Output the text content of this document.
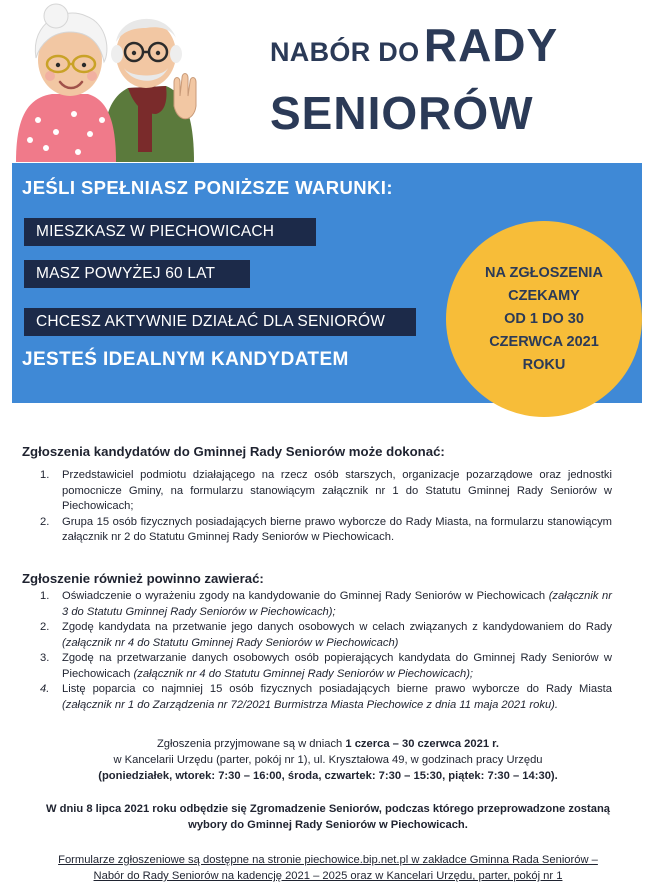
NABÓR DO RADY
SENIORÓW
JEŚLI SPEŁNIASZ PONIŻSZE WARUNKI:
MIESZKASZ W PIECHOWICACH
MASZ POWYŻEJ 60 LAT
CHCESZ AKTYWNIE DZIAŁAĆ DLA SENIORÓW
JESTEŚ IDEALNYM KANDYDATEM
NA ZGŁOSZENIA
CZEKAMY
OD 1 DO 30
CZERWCA 2021
ROKU
Zgłoszenia kandydatów do Gminnej Rady Seniorów może dokonać:
1. Przedstawiciel podmiotu działającego na rzecz osób starszych, organizacje pozarządowe oraz jednostki pomocnicze Gminy, na formularzu stanowiącym załącznik nr 1 do Statutu Gminnej Rady Seniorów w Piechowicach;
2. Grupa 15 osób fizycznych posiadających bierne prawo wyborcze do Rady Miasta, na formularzu stanowiącym załącznik nr 2 do Statutu Gminnej Rady Seniorów w Piechowicach.
Zgłoszenie również powinno zawierać:
1. Oświadczenie o wyrażeniu zgody na kandydowanie do Gminnej Rady Seniorów w Piechowicach (załącznik nr 3 do Statutu Gminnej Rady Seniorów w Piechowicach);
2. Zgodę kandydata na przetwanie jego danych osobowych w celach związanych z kandydowaniem do Rady (załącznik nr 4 do Statutu Gminnej Rady Seniorów w Piechowicach)
3. Zgodę na przetwarzanie danych osobowych osób popierających kandydata do Gminnej Rady Seniorów w Piechowicach (załącznik nr 4 do Statutu Gminnej Rady Seniorów w Piechowicach);
4. Listę poparcia co najmniej 15 osób fizycznych posiadających bierne prawo wyborcze do Rady Miasta (załącznik nr 1 do Zarządzenia nr 72/2021 Burmistrza Miasta Piechowice z dnia 11 maja 2021 roku).
Zgłoszenia przyjmowane są w dniach 1 czerca – 30 czerwca 2021 r.
w Kancelarii Urzędu (parter, pokój nr 1), ul. Kryształowa 49, w godzinach pracy Urzędu
(poniedziałek, wtorek: 7:30 – 16:00, środa, czwartek: 7:30 – 15:30, piątek: 7:30 – 14:30).
W dniu 8 lipca 2021 roku odbędzie się Zgromadzenie Seniorów, podczas którego przeprowadzone zostaną
wybory do Gminnej Rady Seniorów w Piechowicach.
Formularze zgłoszeniowe są dostępne na stronie piechowice.bip.net.pl w zakładce Gminna Rada Seniorów –
Nabór do Rady Seniorów na kadencję 2021 – 2025 oraz w Kancelari Urzędu, parter, pokój nr 1
